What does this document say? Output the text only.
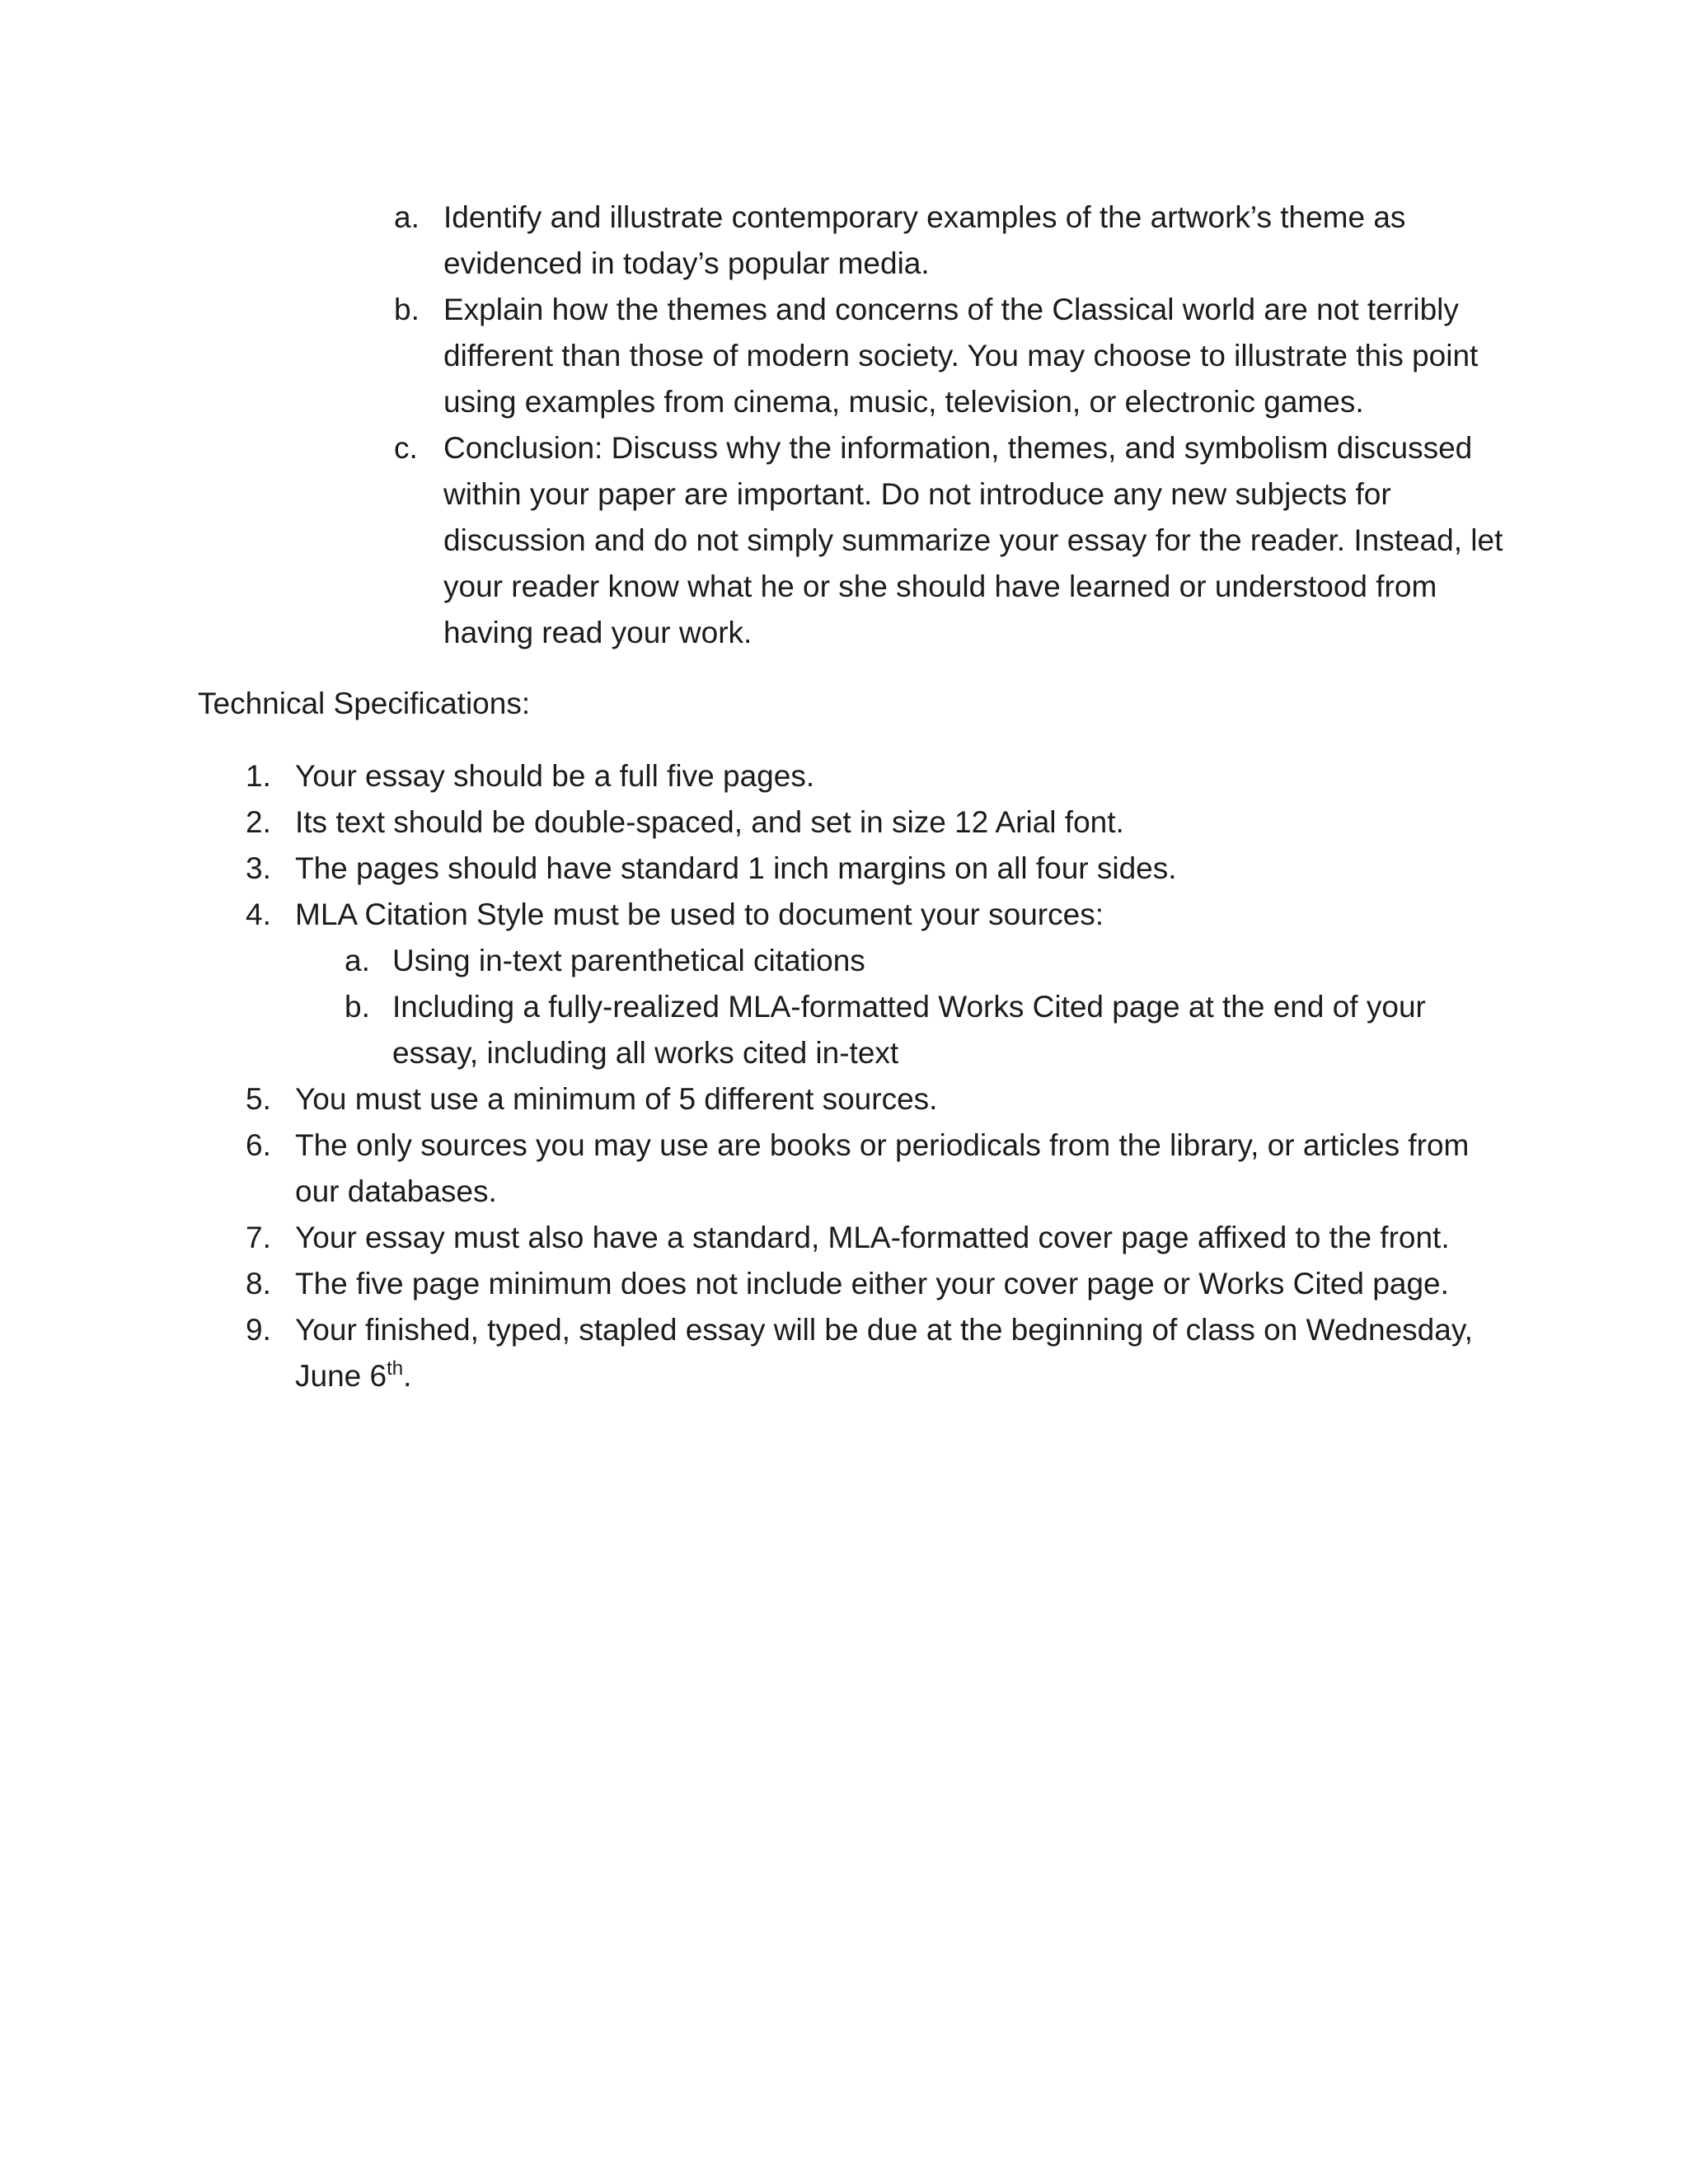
a. Identify and illustrate contemporary examples of the artwork’s theme as evidenced in today’s popular media.
b. Explain how the themes and concerns of the Classical world are not terribly different than those of modern society. You may choose to illustrate this point using examples from cinema, music, television, or electronic games.
c. Conclusion: Discuss why the information, themes, and symbolism discussed within your paper are important. Do not introduce any new subjects for discussion and do not simply summarize your essay for the reader. Instead, let your reader know what he or she should have learned or understood from having read your work.
Technical Specifications:
1. Your essay should be a full five pages.
2. Its text should be double-spaced, and set in size 12 Arial font.
3. The pages should have standard 1 inch margins on all four sides.
4. MLA Citation Style must be used to document your sources:
a. Using in-text parenthetical citations
b. Including a fully-realized MLA-formatted Works Cited page at the end of your essay, including all works cited in-text
5. You must use a minimum of 5 different sources.
6. The only sources you may use are books or periodicals from the library, or articles from our databases.
7. Your essay must also have a standard, MLA-formatted cover page affixed to the front.
8. The five page minimum does not include either your cover page or Works Cited page.
9. Your finished, typed, stapled essay will be due at the beginning of class on Wednesday, June 6th.
